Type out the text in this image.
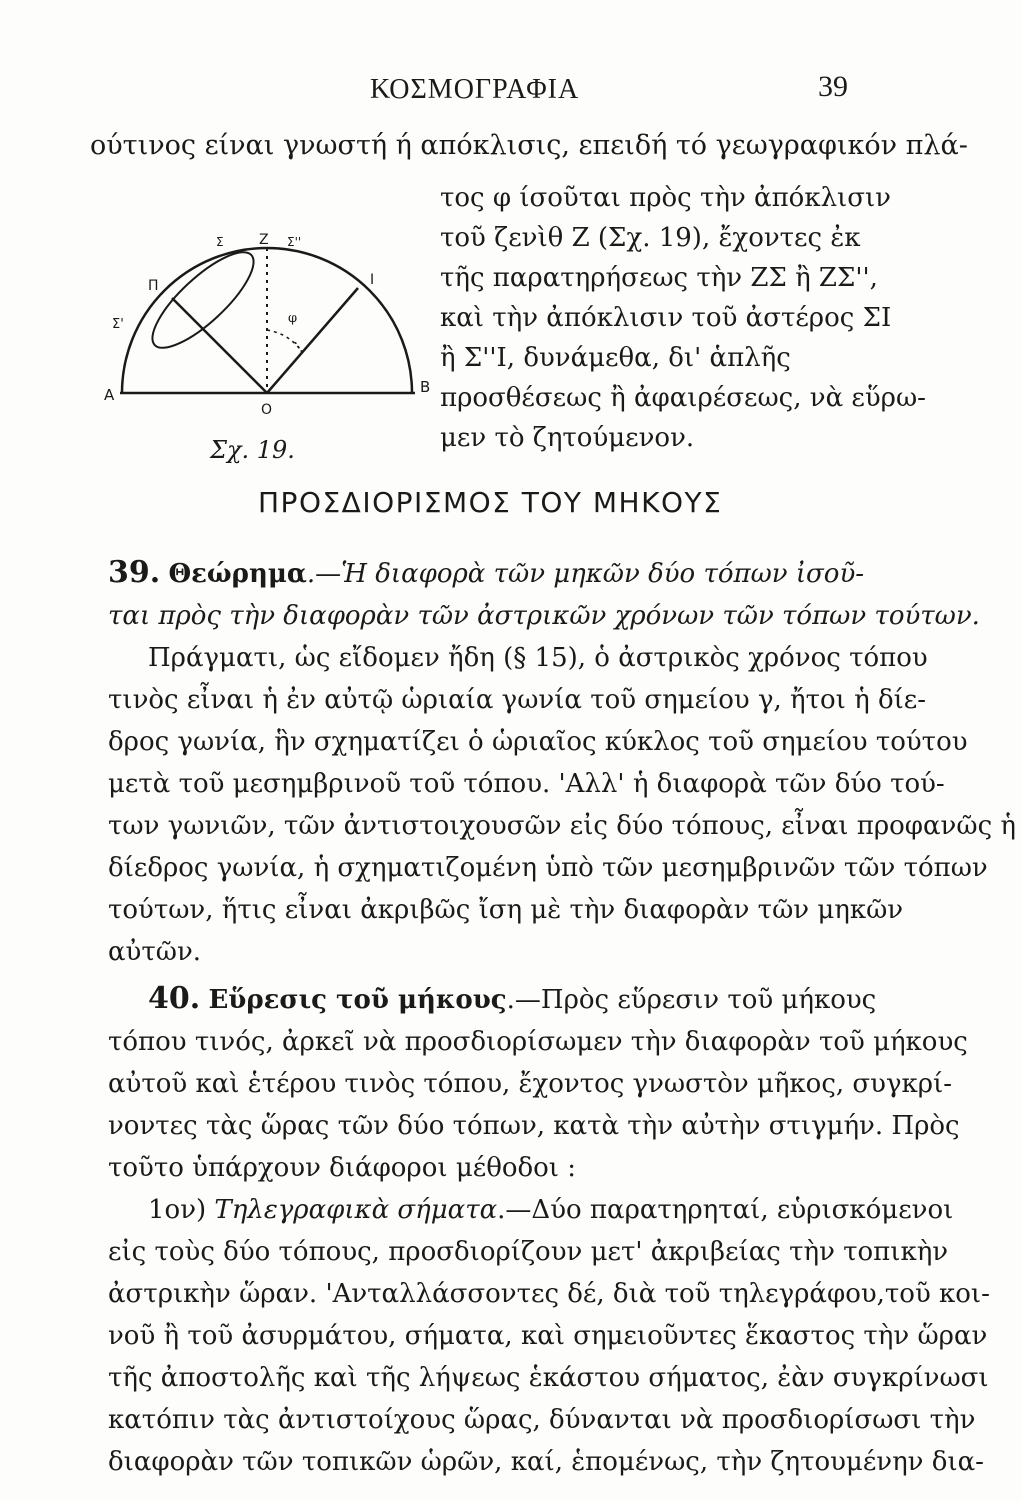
ΚΟΣΜΟΓΡΑΦΙΑ	39
ούτινος είναι γνωστή ή απόκλισις, επειδή τό γεωγραφικόν πλά-
τος φ ίσοῦται πρὸς τὴν ἀπόκλισιν
τοῦ ζενὶθ Ζ (Σχ. 19), ἔχοντες ἐκ
τῆς παρατηρήσεως τὴν ΖΣ ἢ ΖΣ'',
καὶ τὴν ἀπόκλισιν τοῦ ἀστέρος ΣΙ
ἢ Σ''Ι, δυνάμεθα, δι' ἁπλῆς
προσθέσεως ἢ ἀφαιρέσεως, νὰ εὕρω-
μεν τὸ ζητούμενον.
A	B
O
Z
Σ	Σ''
Σ'
Π	Ι
φ
Σχ. 19.
ΠΡΟΣΔΙΟΡΙΣΜΟΣ ΤΟΥ ΜΗΚΟΥΣ
39. Θεώρημα.—Ἡ διαφορὰ τῶν μηκῶν δύο τόπων ἰσοῦ-
ται πρὸς τὴν διαφορὰν τῶν ἀστρικῶν χρόνων τῶν τόπων τούτων.
Πράγματι, ὡς εἴδομεν ἤδη (§ 15), ὁ ἀστρικὸς χρόνος τόπου
τινὸς εἶναι ἡ ἐν αὐτῷ ὡριαία γωνία τοῦ σημείου γ, ἤτοι ἡ δίε-
δρος γωνία, ἣν σχηματίζει ὁ ὡριαῖος κύκλος τοῦ σημείου τούτου
μετὰ τοῦ μεσημβρινοῦ τοῦ τόπου. 'Αλλ' ἡ διαφορὰ τῶν δύο τού-
των γωνιῶν, τῶν ἀντιστοιχουσῶν εἰς δύο τόπους, εἶναι προφανῶς ἡ
δίεδρος γωνία, ἡ σχηματιζομένη ὑπὸ τῶν μεσημβρινῶν τῶν τόπων
τούτων, ἥτις εἶναι ἀκριβῶς ἴση μὲ τὴν διαφορὰν τῶν μηκῶν
αὐτῶν.
40. Εὕρεσις τοῦ μήκους.—Πρὸς εὕρεσιν τοῦ μήκους
τόπου τινός, ἀρκεῖ νὰ προσδιορίσωμεν τὴν διαφορὰν τοῦ μήκους
αὐτοῦ καὶ ἑτέρου τινὸς τόπου, ἔχοντος γνωστὸν μῆκος, συγκρί-
νοντες τὰς ὥρας τῶν δύο τόπων, κατὰ τὴν αὐτὴν στιγμήν. Πρὸς
τοῦτο ὑπάρχουν διάφοροι μέθοδοι :
1ον) Τηλεγραφικὰ σήματα.—Δύο παρατηρηταί, εὑρισκόμενοι
εἰς τοὺς δύο τόπους, προσδιορίζουν μετ' ἀκριβείας τὴν τοπικὴν
ἀστρικὴν ὥραν. 'Ανταλλάσσοντες δέ, διὰ τοῦ τηλεγράφου,τοῦ κοι-
νοῦ ἢ τοῦ ἀσυρμάτου, σήματα, καὶ σημειοῦντες ἕκαστος τὴν ὥραν
τῆς ἀποστολῆς καὶ τῆς λήψεως ἑκάστου σήματος, ἐὰν συγκρίνωσι
κατόπιν τὰς ἀντιστοίχους ὥρας, δύνανται νὰ προσδιορίσωσι τὴν
διαφορὰν τῶν τοπικῶν ὡρῶν, καί, ἑπομένως, τὴν ζητουμένην δια-
